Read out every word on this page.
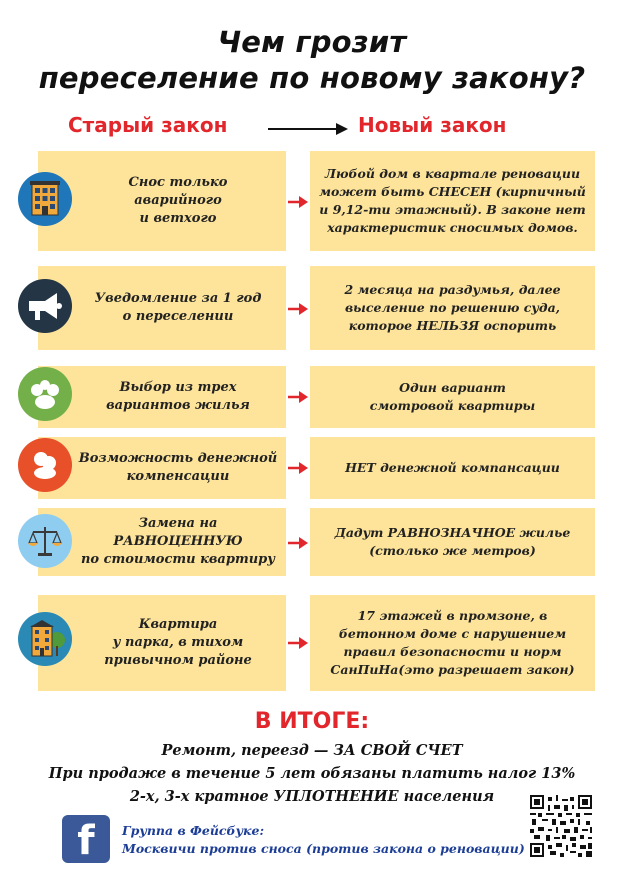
Чем грозит
переселение по новому закону?
Старый закон	Новый закон
Снос только
аварийного
и ветхого
Любой дом в квартале реновации
может быть СНЕСЕН (кирпичный
и 9,12-ти этажный). В законе нет
характеристик сносимых домов.
Уведомление за 1 год
о переселении
2 месяца на раздумья, далее
выселение по решению суда,
которое НЕЛЬЗЯ оспорить
Выбор из трех
вариантов жилья
Один вариант
смотровой квартиры
Возможность денежной
компенсации
НЕТ денежной компансации
Замена на РАВНОЦЕННУЮ
по стоимости квартиру
Дадут РАВНОЗНАЧНОЕ жилье
(столько же метров)
Квартира
у парка, в тихом
привычном районе
17 этажей в промзоне, в
бетонном доме с нарушением
правил безопасности и норм
СанПиНа(это разрешает закон)
В ИТОГЕ:
Ремонт, переезд — ЗА СВОЙ СЧЕТ
При продаже в течение 5 лет обязаны платить налог 13%
2-х, 3-х кратное УПЛОТНЕНИЕ населения
f Группа в Фейсбуке:
Москвичи против сноса (против закона о реновации)
